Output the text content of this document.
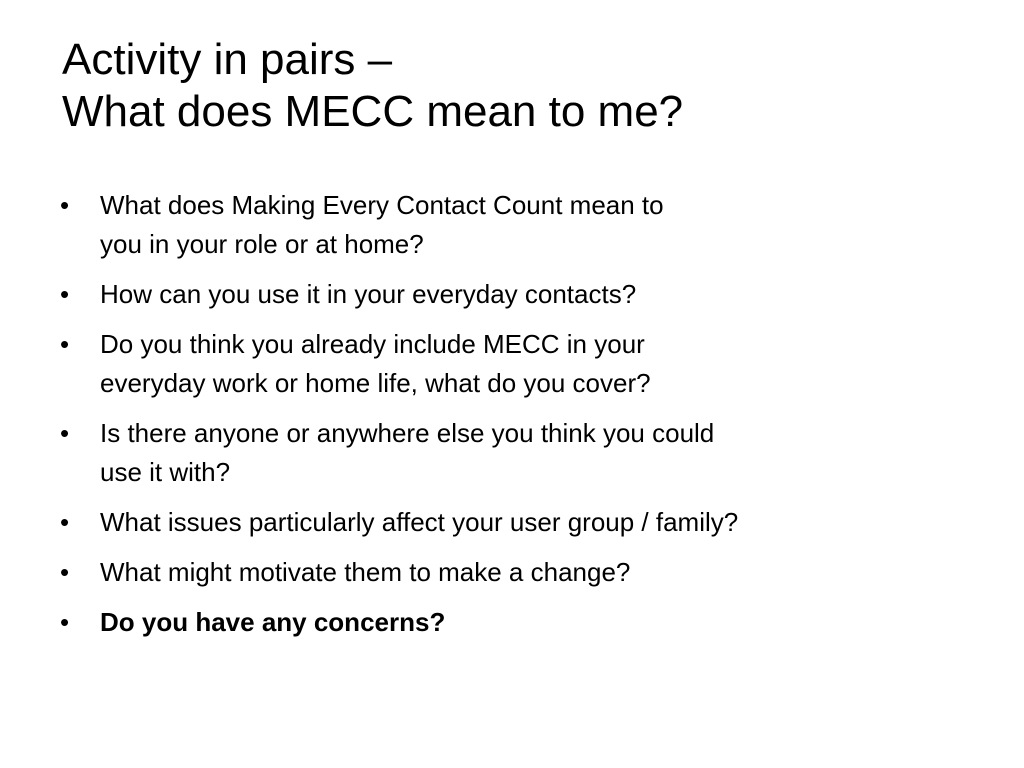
Activity in pairs –
What does MECC mean to me?
•	What does Making Every Contact Count mean to
you in your role or at home?
•	How can you use it in your everyday contacts?
•	Do you think you already include MECC in your
everyday work or home life, what do you cover?
•	Is there anyone or anywhere else you think you could
use it with?
•	What issues particularly affect your user group / family?
•	What might motivate them to make a change?
•	Do you have any concerns?
